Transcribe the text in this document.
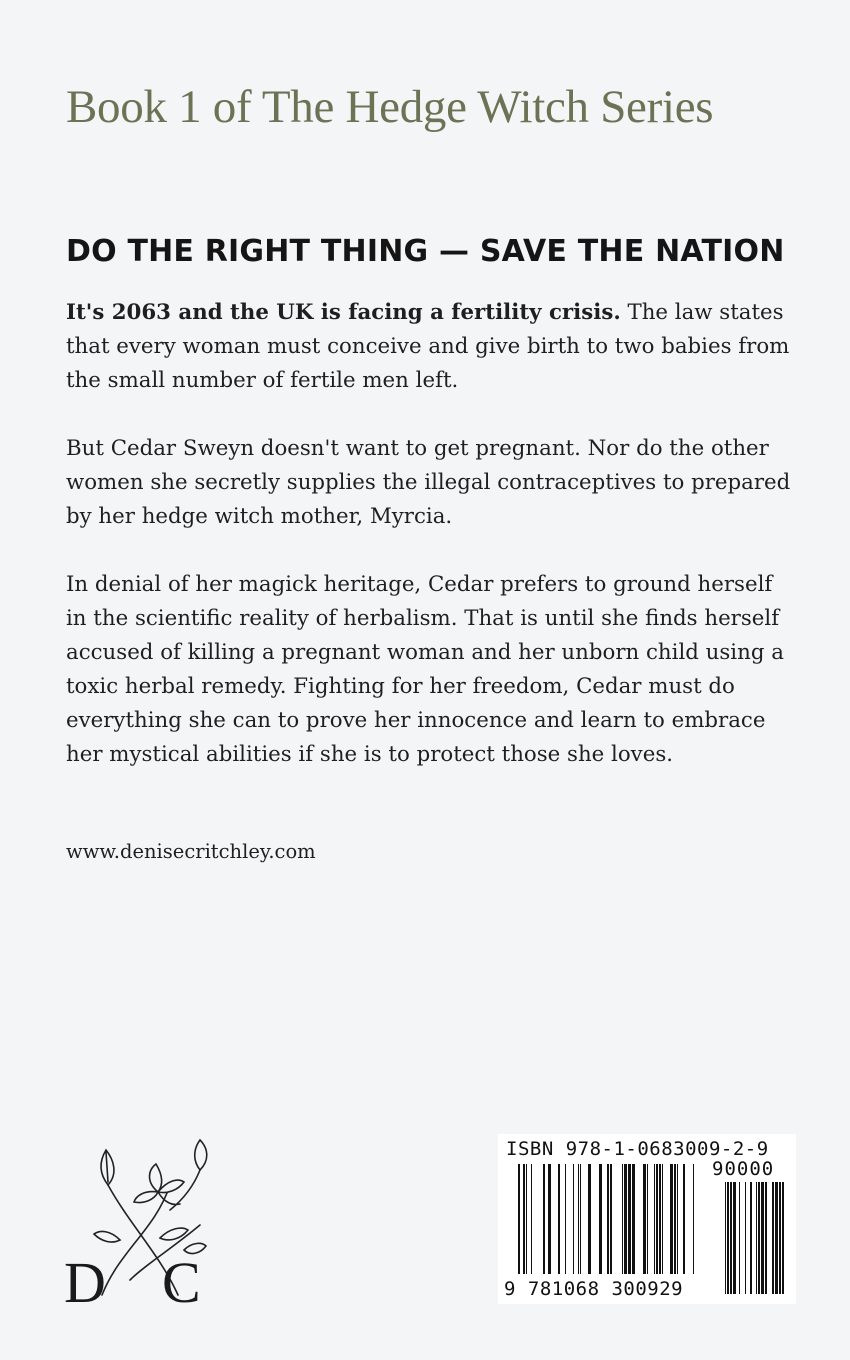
Book 1 of The Hedge Witch Series
DO THE RIGHT THING — SAVE THE NATION

It's 2063 and the UK is facing a fertility crisis. The law states that every woman must conceive and give birth to two babies from the small number of fertile men left.

But Cedar Sweyn doesn't want to get pregnant. Nor do the other women she secretly supplies the illegal contraceptives to prepared by her hedge witch mother, Myrcia.

In denial of her magick heritage, Cedar prefers to ground herself in the scientific reality of herbalism. That is until she finds herself accused of killing a pregnant woman and her unborn child using a toxic herbal remedy. Fighting for her freedom, Cedar must do everything she can to prove her innocence and learn to embrace her mystical abilities if she is to protect those she loves.

www.denisecritchley.com
D C
ISBN 978-1-0683009-2-9
90000
9 781068 300929
